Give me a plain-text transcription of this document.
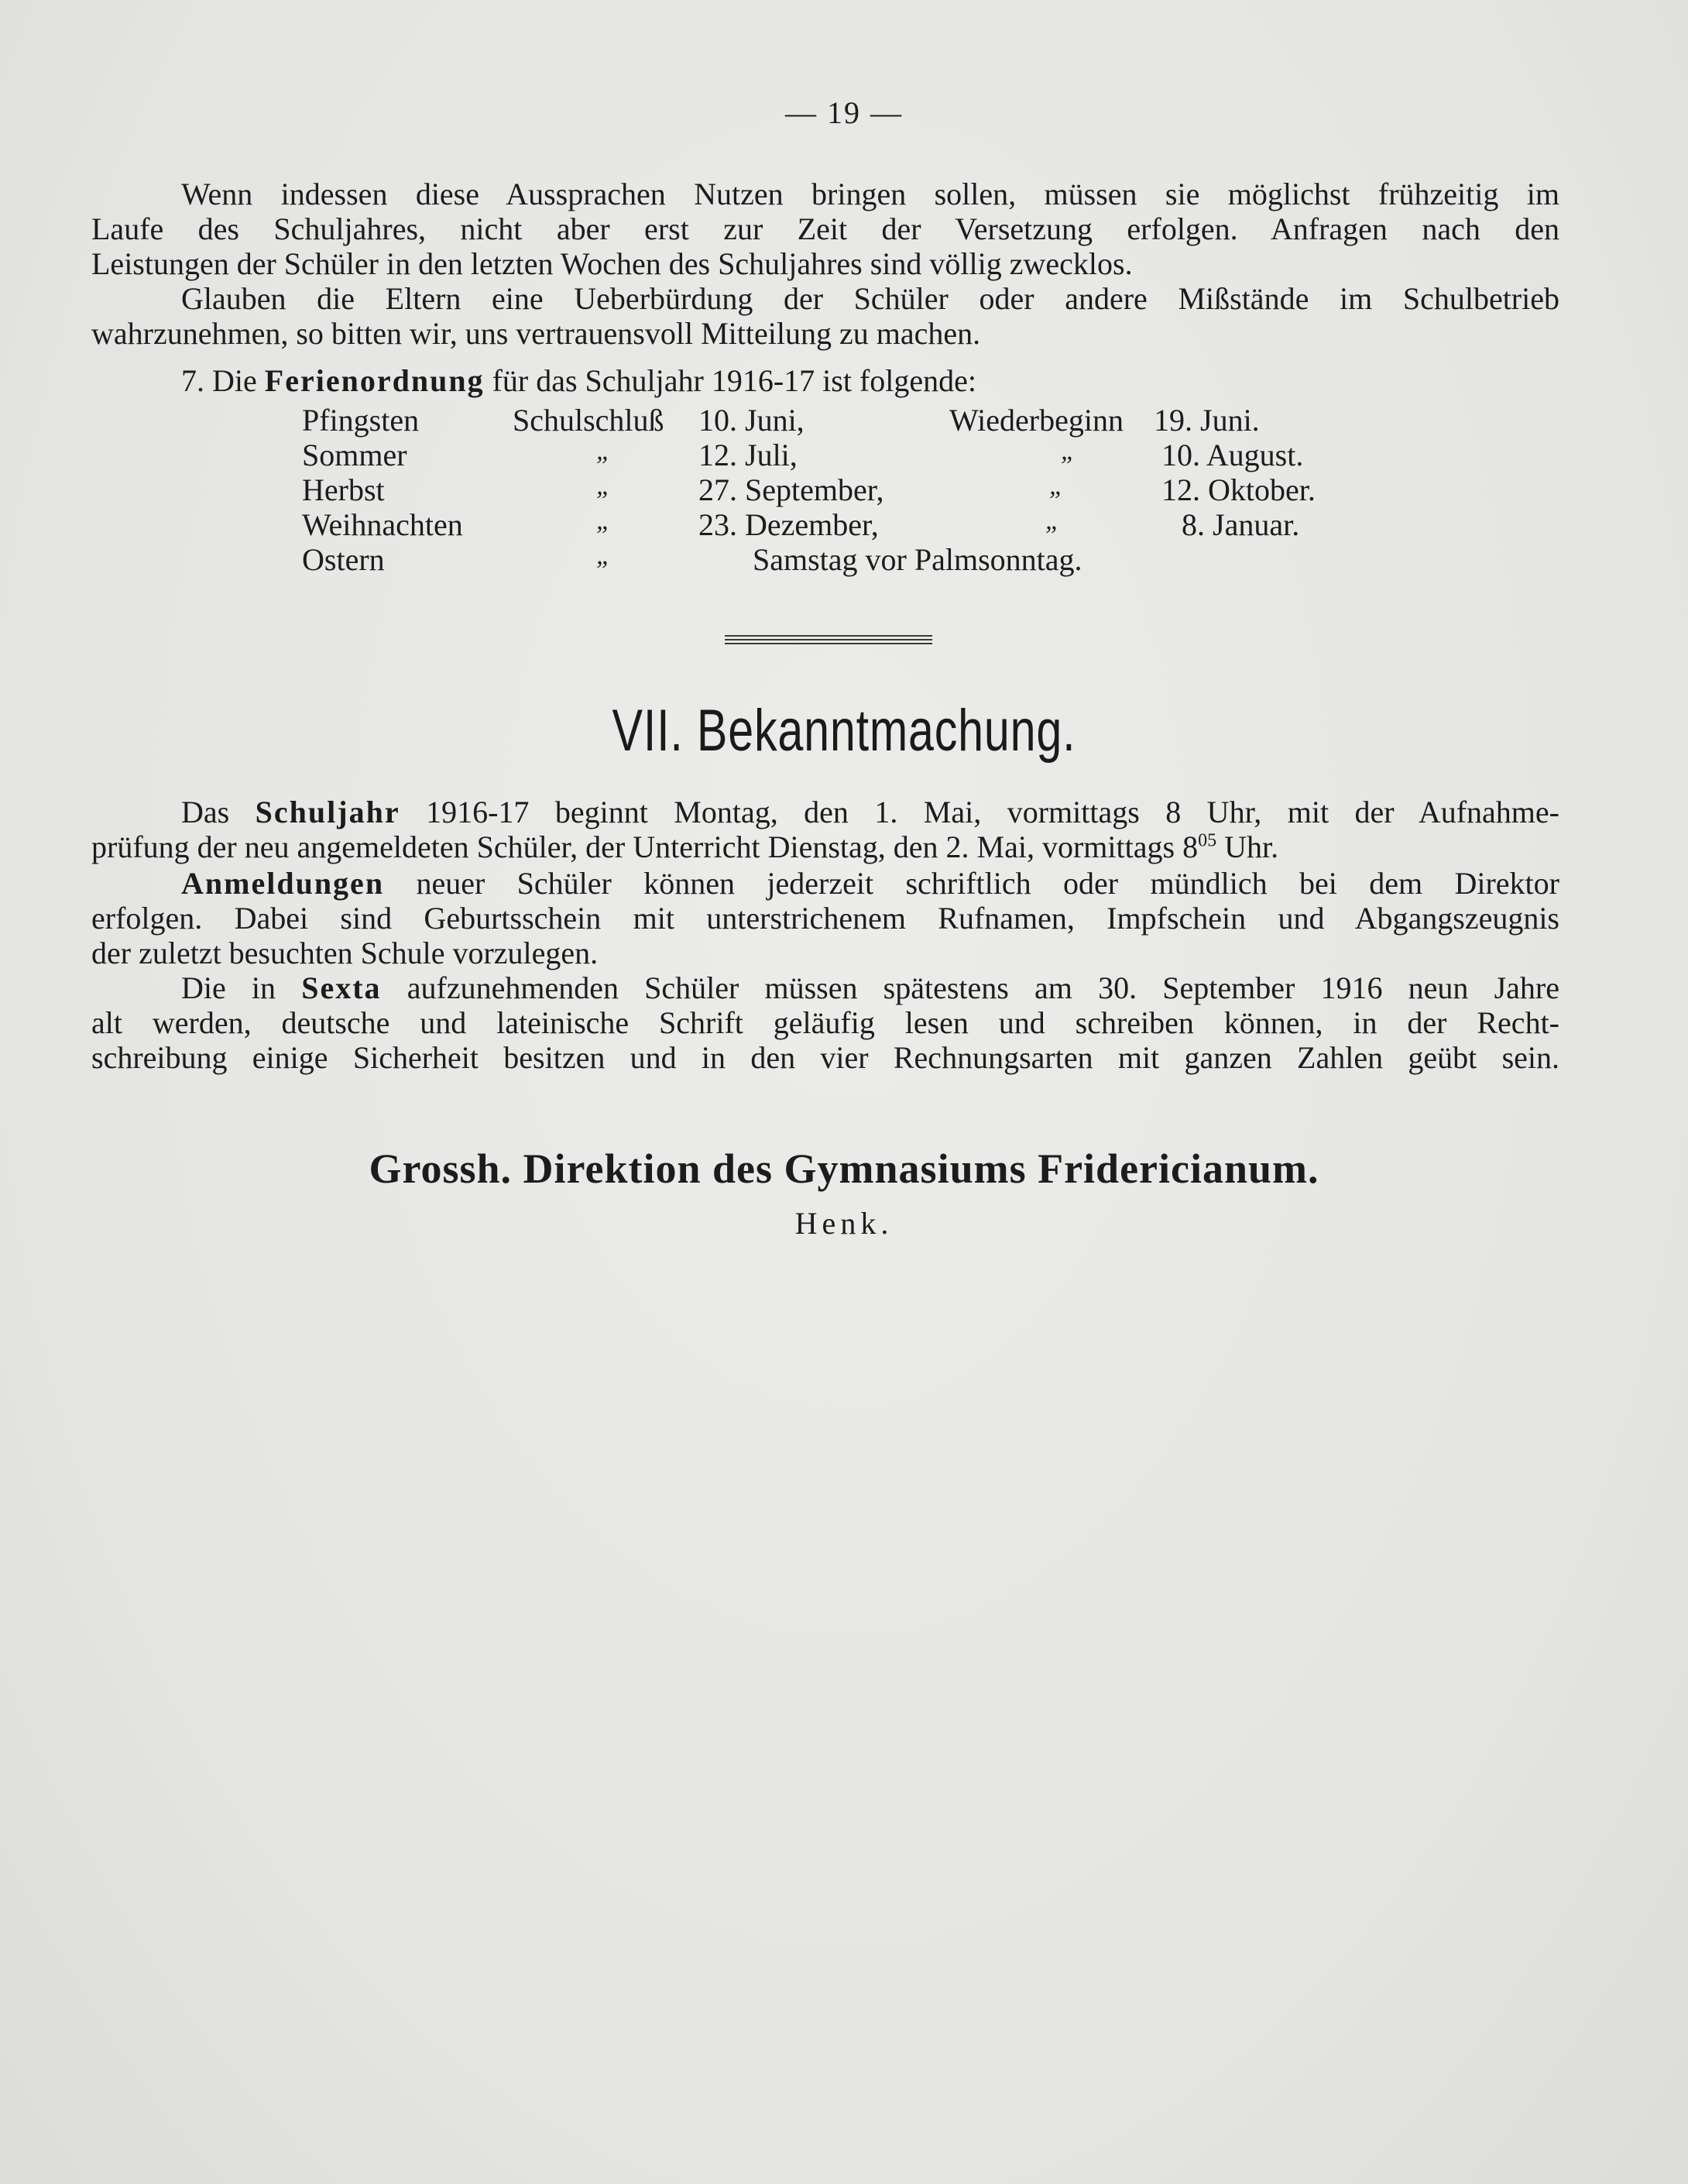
— 19 —
Wenn indessen diese Aussprachen Nutzen bringen sollen, müssen sie möglichst frühzeitig im
Laufe des Schuljahres, nicht aber erst zur Zeit der Versetzung erfolgen. Anfragen nach den
Leistungen der Schüler in den letzten Wochen des Schuljahres sind völlig zwecklos.
Glauben die Eltern eine Ueberbürdung der Schüler oder andere Mißstände im Schulbetrieb
wahrzunehmen, so bitten wir, uns vertrauensvoll Mitteilung zu machen.
7. Die Ferienordnung für das Schuljahr 1916-17 ist folgende:
Pfingsten	Schulschluß 10. Juni,	Wiederbeginn 19. Juni.
Sommer	„	12. Juli,	„	10. August.
Herbst	„	27. September,	„	12. Oktober.
Weihnachten	„	23. Dezember,	„	8. Januar.
Ostern	„	Samstag vor Palmsonntag.
VII. Bekanntmachung.
Das Schuljahr 1916-17 beginnt Montag, den 1. Mai, vormittags 8 Uhr, mit der Aufnahme-
prüfung der neu angemeldeten Schüler, der Unterricht Dienstag, den 2. Mai, vormittags $8^{05}$ Uhr.
Anmeldungen neuer Schüler können jederzeit schriftlich oder mündlich bei dem Direktor
erfolgen. Dabei sind Geburtsschein mit unterstrichenem Rufnamen, Impfschein und Abgangszeugnis
der zuletzt besuchten Schule vorzulegen.
Die in Sexta aufzunehmenden Schüler müssen spätestens am 30. September 1916 neun Jahre
alt werden, deutsche und lateinische Schrift geläufig lesen und schreiben können, in der Recht-
schreibung einige Sicherheit besitzen und in den vier Rechnungsarten mit ganzen Zahlen geübt sein.
Grossh. Direktion des Gymnasiums Fridericianum.
Henk.
